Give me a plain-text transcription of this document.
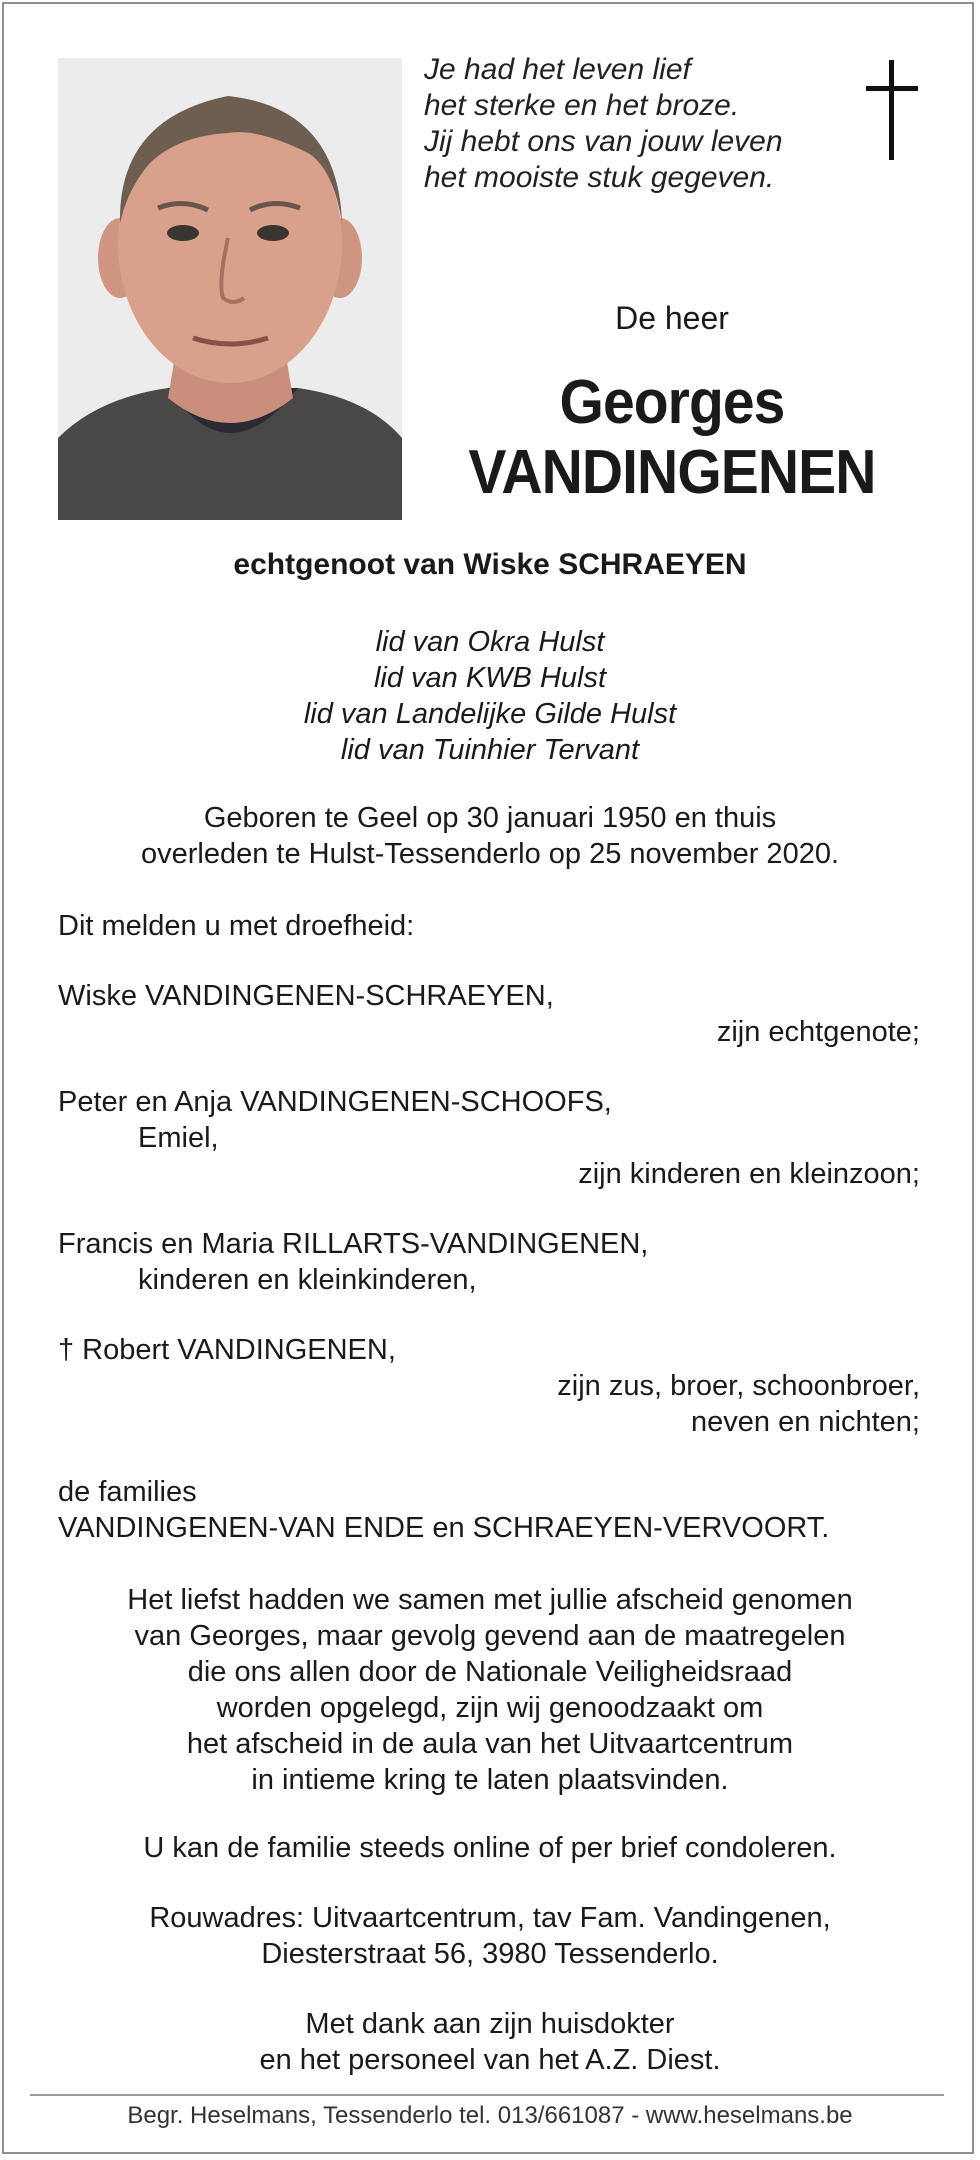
Je had het leven lief
het sterke en het broze.
Jij hebt ons van jouw leven
het mooiste stuk gegeven.
De heer
Georges
VANDINGENEN
echtgenoot van Wiske SCHRAEYEN
lid van Okra Hulst
lid van KWB Hulst
lid van Landelijke Gilde Hulst
lid van Tuinhier Tervant
Geboren te Geel op 30 januari 1950 en thuis
overleden te Hulst-Tessenderlo op 25 november 2020.
Dit melden u met droefheid:
Wiske VANDINGENEN-SCHRAEYEN,
zijn echtgenote;
Peter en Anja VANDINGENEN-SCHOOFS,
Emiel,
zijn kinderen en kleinzoon;
Francis en Maria RILLARTS-VANDINGENEN,
kinderen en kleinkinderen,
† Robert VANDINGENEN,
zijn zus, broer, schoonbroer,
neven en nichten;
de families
VANDINGENEN-VAN ENDE en SCHRAEYEN-VERVOORT.
Het liefst hadden we samen met jullie afscheid genomen
van Georges, maar gevolg gevend aan de maatregelen
die ons allen door de Nationale Veiligheidsraad
worden opgelegd, zijn wij genoodzaakt om
het afscheid in de aula van het Uitvaartcentrum
in intieme kring te laten plaatsvinden.
U kan de familie steeds online of per brief condoleren.
Rouwadres: Uitvaartcentrum, tav Fam. Vandingenen,
Diesterstraat 56, 3980 Tessenderlo.
Met dank aan zijn huisdokter
en het personeel van het A.Z. Diest.
Begr. Heselmans, Tessenderlo tel. 013/661087 - www.heselmans.be
